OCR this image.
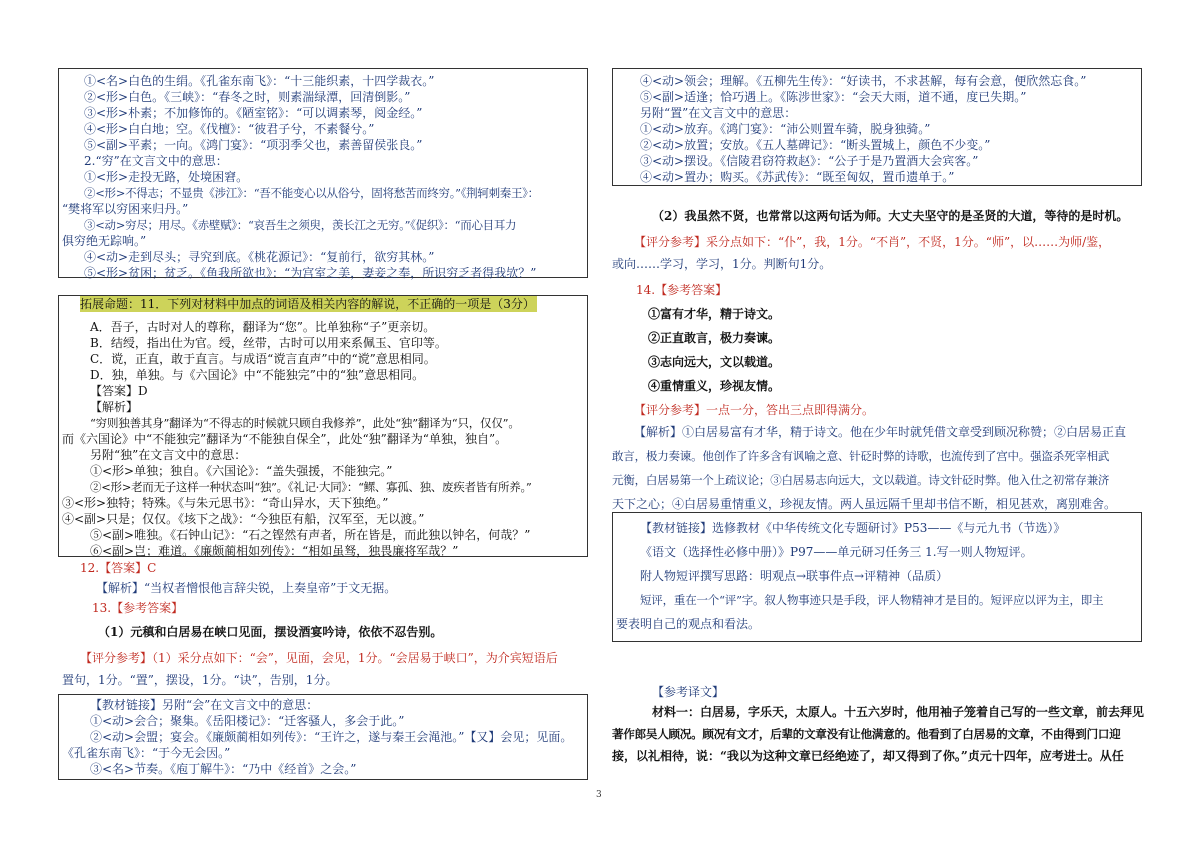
①<名>白色的生绢。《孔雀东南飞》：“十三能织素，十四学裁衣。”
②<形>白色。《三峡》：“春冬之时，则素湍绿潭，回清倒影。”
③<形>朴素；不加修饰的。《陋室铭》：“可以调素琴，阅金经。”
④<形>白白地；空。《伐檀》：“彼君子兮，不素餐兮。”
⑤<副>平素；一向。《鸿门宴》：“项羽季父也，素善留侯张良。”
2.“穷”在文言文中的意思：
①<形>走投无路，处境困窘。
②<形>不得志；不显贵《涉江》：“吾不能变心以从俗兮，固将愁苦而终穷。”《荆轲刺秦王》：
“樊将军以穷困来归丹。”
③<动>穷尽；用尽。《赤壁赋》：“哀吾生之须臾，羡长江之无穷。”《促织》：“而心目耳力
俱穷绝无踪响。”
④<动>走到尽头；寻究到底。《桃花源记》：“复前行，欲穷其林。”
⑤<形>贫困；贫乏。《鱼我所欲也》：“为宫室之美，妻妾之奉，所识穷乏者得我欤？”
拓展命题：11．下列对材料中加点的词语及相关内容的解说，不正确的一项是（3分）
A．吾子，古时对人的尊称，翻译为“您”。比单独称“子”更亲切。
B．结绶，指出仕为官。绶，丝带，古时可以用来系佩玉、官印等。
C．谠，正直，敢于直言。与成语“谠言直声”中的“谠”意思相同。
D．独，单独。与《六国论》中“不能独完”中的“独”意思相同。
【答案】D
【解析】
“穷则独善其身”翻译为“不得志的时候就只顾自我修养”，此处“独”翻译为“只，仅仅”。
而《六国论》中“不能独完”翻译为“不能独自保全”，此处“独”翻译为“单独，独自”。
另附“独”在文言文中的意思：
①<形>单独；独自。《六国论》：“盖失强援，不能独完。”
②<形>老而无子这样一种状态叫“独”。《礼记·大同》：“鳏、寡孤、独、废疾者皆有所养。”
③<形>独特；特殊。《与朱元思书》：“奇山异水，天下独绝。”
④<副>只是；仅仅。《垓下之战》：“今独臣有船，汉军至，无以渡。”
⑤<副>唯独。《石钟山记》：“石之铿然有声者，所在皆是，而此独以钟名，何哉？”
⑥<副>岂；难道。《廉颇蔺相如列传》：“相如虽驽，独畏廉将军哉？”
12.【答案】C
【解析】“当权者憎恨他言辞尖锐，上奏皇帝”于文无据。
13.【参考答案】
（1）元稹和白居易在峡口见面，摆设酒宴吟诗，依依不忍告别。
【评分参考】（1）采分点如下：“会”，见面，会见，1分。“会居易于峡口”，为介宾短语后
置句，1分。“置”，摆设，1分。“诀”，告别，1分。
【教材链接】另附“会”在文言文中的意思：
①<动>会合；聚集。《岳阳楼记》：“迁客骚人，多会于此。”
②<动>会盟；宴会。《廉颇蔺相如列传》：“王许之，遂与秦王会渑池。”【又】会见；见面。
《孔雀东南飞》：“于今无会因。”
③<名>节奏。《庖丁解牛》：“乃中《经首》之会。”
④<动>领会；理解。《五柳先生传》：“好读书，不求甚解，每有会意，便欣然忘食。”
⑤<副>适逢；恰巧遇上。《陈涉世家》：“会天大雨，道不通，度已失期。”
另附“置”在文言文中的意思：
①<动>放弃。《鸿门宴》：“沛公则置车骑，脱身独骑。”
②<动>放置；安放。《五人墓碑记》：“断头置城上，颜色不少变。”
③<动>摆设。《信陵君窃符救赵》：“公子于是乃置酒大会宾客。”
④<动>置办；购买。《苏武传》：“既至匈奴，置币遗单于。”
（2）我虽然不贤，也常常以这两句话为师。大丈夫坚守的是圣贤的大道，等待的是时机。
【评分参考】采分点如下：“仆”，我，1分。“不肖”，不贤，1分。“师”，以……为师/鉴，
或向……学习，学习，1分。判断句1分。
14.【参考答案】
①富有才华，精于诗文。
②正直敢言，极力奏谏。
③志向远大，文以载道。
④重情重义，珍视友情。
【评分参考】一点一分，答出三点即得满分。
【解析】①白居易富有才华，精于诗文。他在少年时就凭借文章受到顾况称赞；②白居易正直
敢言，极力奏谏。他创作了许多含有讽喻之意、针砭时弊的诗歌，也流传到了宫中。强盗杀死宰相武
元衡，白居易第一个上疏议论；③白居易志向远大，文以载道。诗文针砭时弊。他入仕之初常存兼济
天下之心；④白居易重情重义，珍视友情。两人虽远隔千里却书信不断，相见甚欢，离别难舍。
【教材链接】选修教材《中华传统文化专题研讨》P53——《与元九书（节选）》
《语文（选择性必修中册）》P97——单元研习任务三 1.写一则人物短评。
附人物短评撰写思路：明观点→联事件点→评精神（品质）
短评，重在一个“评”字。叙人物事迹只是手段，评人物精神才是目的。短评应以评为主，即主
要表明自己的观点和看法。
【参考译文】
材料一：白居易，字乐天，太原人。十五六岁时，他用袖子笼着自己写的一些文章，前去拜见
著作郎吴人顾况。顾况有文才，后辈的文章没有让他满意的。他看到了白居易的文章，不由得到门口迎
接，以礼相待，说：“我以为这种文章已经绝迹了，却又得到了你。”贞元十四年，应考进士。从任
3
